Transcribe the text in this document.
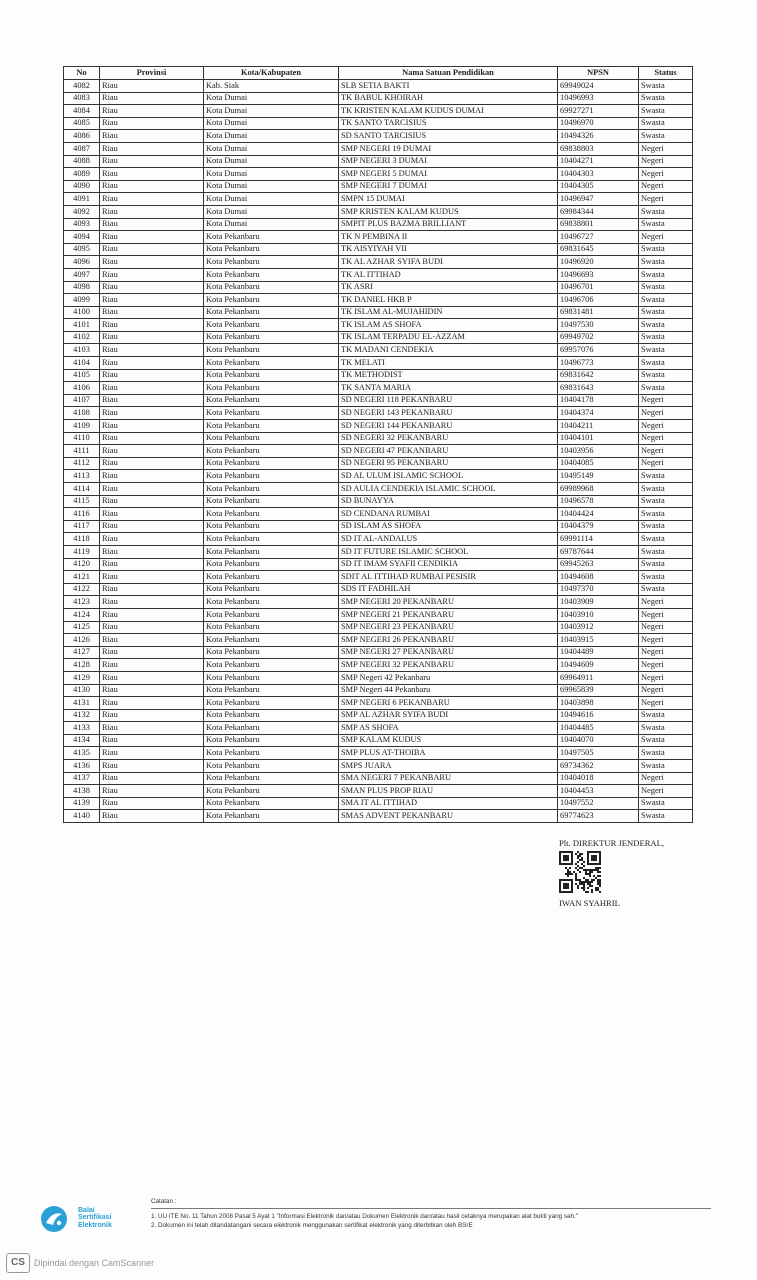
No	Provinsi	Kota/Kabupaten	Nama Satuan Pendidikan	NPSN	Status
4082	Riau	Kab. Siak	SLB SETIA BAKTI	69949024	Swasta
4083	Riau	Kota Dumai	TK BABUL KHOIRAH	10496993	Swasta
4084	Riau	Kota Dumai	TK KRISTEN KALAM KUDUS DUMAI	69927271	Swasta
4085	Riau	Kota Dumai	TK SANTO TARCISIUS	10496970	Swasta
4086	Riau	Kota Dumai	SD SANTO TARCISIUS	10494326	Swasta
4087	Riau	Kota Dumai	SMP NEGERI 19 DUMAI	69838803	Negeri
4088	Riau	Kota Dumai	SMP NEGERI 3 DUMAI	10404271	Negeri
4089	Riau	Kota Dumai	SMP NEGERI 5 DUMAI	10404303	Negeri
4090	Riau	Kota Dumai	SMP NEGERI 7 DUMAI	10404305	Negeri
4091	Riau	Kota Dumai	SMPN 15 DUMAI	10496947	Negeri
4092	Riau	Kota Dumai	SMP KRISTEN KALAM KUDUS	69984344	Swasta
4093	Riau	Kota Dumai	SMPIT PLUS BAZMA BRILLIANT	69838801	Swasta
4094	Riau	Kota Pekanbaru	TK N PEMBINA II	10496727	Negeri
4095	Riau	Kota Pekanbaru	TK AISYIYAH VII	69831645	Swasta
4096	Riau	Kota Pekanbaru	TK AL AZHAR SYIFA BUDI	10496920	Swasta
4097	Riau	Kota Pekanbaru	TK AL ITTIHAD	10496693	Swasta
4098	Riau	Kota Pekanbaru	TK ASRI	10496701	Swasta
4099	Riau	Kota Pekanbaru	TK DANIEL HKB P	10496706	Swasta
4100	Riau	Kota Pekanbaru	TK ISLAM AL-MUJAHIDIN	69831481	Swasta
4101	Riau	Kota Pekanbaru	TK ISLAM AS SHOFA	10497530	Swasta
4102	Riau	Kota Pekanbaru	TK ISLAM TERPADU EL-AZZAM	69949702	Swasta
4103	Riau	Kota Pekanbaru	TK MADANI CENDEKIA	69957076	Swasta
4104	Riau	Kota Pekanbaru	TK MELATI	10496773	Swasta
4105	Riau	Kota Pekanbaru	TK METHODIST	69831642	Swasta
4106	Riau	Kota Pekanbaru	TK SANTA MARIA	69831643	Swasta
4107	Riau	Kota Pekanbaru	SD NEGERI 118 PEKANBARU	10404178	Negeri
4108	Riau	Kota Pekanbaru	SD NEGERI 143 PEKANBARU	10404374	Negeri
4109	Riau	Kota Pekanbaru	SD NEGERI 144 PEKANBARU	10404211	Negeri
4110	Riau	Kota Pekanbaru	SD NEGERI 32 PEKANBARU	10404101	Negeri
4111	Riau	Kota Pekanbaru	SD NEGERI 47 PEKANBARU	10403956	Negeri
4112	Riau	Kota Pekanbaru	SD NEGERI 95 PEKANBARU	10404085	Negeri
4113	Riau	Kota Pekanbaru	SD AL ULUM ISLAMIC SCHOOL	10495149	Swasta
4114	Riau	Kota Pekanbaru	SD AULIA CENDEKIA ISLAMIC SCHOOL	69989968	Swasta
4115	Riau	Kota Pekanbaru	SD BUNAYYA	10496578	Swasta
4116	Riau	Kota Pekanbaru	SD CENDANA RUMBAI	10404424	Swasta
4117	Riau	Kota Pekanbaru	SD ISLAM AS SHOFA	10404379	Swasta
4118	Riau	Kota Pekanbaru	SD IT AL-ANDALUS	69991114	Swasta
4119	Riau	Kota Pekanbaru	SD IT FUTURE ISLAMIC SCHOOL	69787644	Swasta
4120	Riau	Kota Pekanbaru	SD IT IMAM SYAFII CENDIKIA	69945263	Swasta
4121	Riau	Kota Pekanbaru	SDIT AL ITTIHAD RUMBAI PESISIR	10494608	Swasta
4122	Riau	Kota Pekanbaru	SDS IT FADHILAH	10497370	Swasta
4123	Riau	Kota Pekanbaru	SMP NEGERI 20 PEKANBARU	10403909	Negeri
4124	Riau	Kota Pekanbaru	SMP NEGERI 21 PEKANBARU	10403910	Negeri
4125	Riau	Kota Pekanbaru	SMP NEGERI 23 PEKANBARU	10403912	Negeri
4126	Riau	Kota Pekanbaru	SMP NEGERI 26 PEKANBARU	10403915	Negeri
4127	Riau	Kota Pekanbaru	SMP NEGERI 27 PEKANBARU	10404489	Negeri
4128	Riau	Kota Pekanbaru	SMP NEGERI 32 PEKANBARU	10494609	Negeri
4129	Riau	Kota Pekanbaru	SMP Negeri 42 Pekanbaru	69964911	Negeri
4130	Riau	Kota Pekanbaru	SMP Negeri 44 Pekanbaru	69965839	Negeri
4131	Riau	Kota Pekanbaru	SMP NEGERI 6 PEKANBARU	10403898	Negeri
4132	Riau	Kota Pekanbaru	SMP AL AZHAR SYIFA BUDI	10494616	Swasta
4133	Riau	Kota Pekanbaru	SMP AS SHOFA	10404485	Swasta
4134	Riau	Kota Pekanbaru	SMP KALAM KUDUS	10404070	Swasta
4135	Riau	Kota Pekanbaru	SMP PLUS AT-THOIBA	10497505	Swasta
4136	Riau	Kota Pekanbaru	SMPS JUARA	69734362	Swasta
4137	Riau	Kota Pekanbaru	SMA NEGERI 7 PEKANBARU	10404018	Negeri
4138	Riau	Kota Pekanbaru	SMAN PLUS PROP RIAU	10404453	Negeri
4139	Riau	Kota Pekanbaru	SMA IT AL ITTIHAD	10497552	Swasta
4140	Riau	Kota Pekanbaru	SMAS ADVENT PEKANBARU	69774623	Swasta
Plt. DIREKTUR JENDERAL,
IWAN SYAHRIL
Balai
Sertifikasi
Elektronik
Catatan :
1. UU ITE No. 11 Tahun 2008 Pasal 5 Ayat 1 "Informasi Elektronik dan/atau Dokumen Elektronik dan/atau hasil cetaknya merupakan alat bukti yang sah."
2. Dokumen ini telah ditandatangani secara elektronik menggunakan sertifikat elektronik yang diterbitkan oleh BSrE
CS	Dipindai dengan CamScanner
